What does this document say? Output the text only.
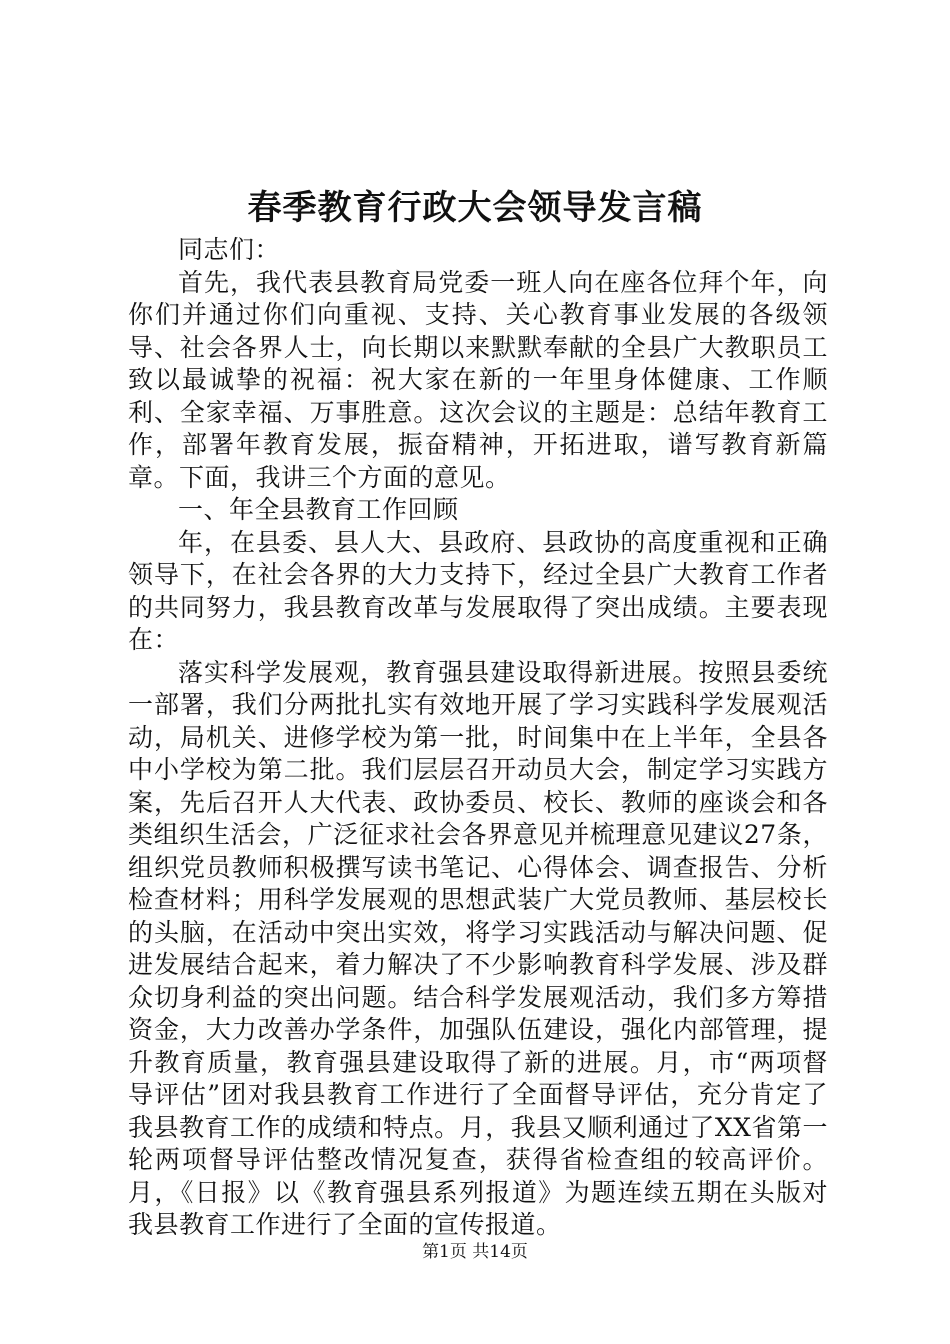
春季教育行政大会领导发言稿

同志们：

首先，我代表县教育局党委一班人向在座各位拜个年，向你们并通过你们向重视、支持、关心教育事业发展的各级领导、社会各界人士，向长期以来默默奉献的全县广大教职员工致以最诚挚的祝福：祝大家在新的一年里身体健康、工作顺利、全家幸福、万事胜意。这次会议的主题是：总结年教育工作，部署年教育发展，振奋精神，开拓进取，谱写教育新篇章。下面，我讲三个方面的意见。

一、年全县教育工作回顾

年，在县委、县人大、县政府、县政协的高度重视和正确领导下，在社会各界的大力支持下，经过全县广大教育工作者的共同努力，我县教育改革与发展取得了突出成绩。主要表现在：

落实科学发展观，教育强县建设取得新进展。按照县委统一部署，我们分两批扎实有效地开展了学习实践科学发展观活动，局机关、进修学校为第一批，时间集中在上半年，全县各中小学校为第二批。我们层层召开动员大会，制定学习实践方案，先后召开人大代表、政协委员、校长、教师的座谈会和各类组织生活会，广泛征求社会各界意见并梳理意见建议27条，组织党员教师积极撰写读书笔记、心得体会、调查报告、分析检查材料；用科学发展观的思想武装广大党员教师、基层校长的头脑，在活动中突出实效，将学习实践活动与解决问题、促进发展结合起来，着力解决了不少影响教育科学发展、涉及群众切身利益的突出问题。结合科学发展观活动，我们多方筹措资金，大力改善办学条件，加强队伍建设，强化内部管理，提升教育质量，教育强县建设取得了新的进展。月，市“两项督导评估”团对我县教育工作进行了全面督导评估，充分肯定了我县教育工作的成绩和特点。月，我县又顺利通过了XX省第一轮两项督导评估整改情况复查，获得省检查组的较高评价。月，《日报》以《教育强县系列报道》为题连续五期在头版对我县教育工作进行了全面的宣传报道。

第1页 共14页
